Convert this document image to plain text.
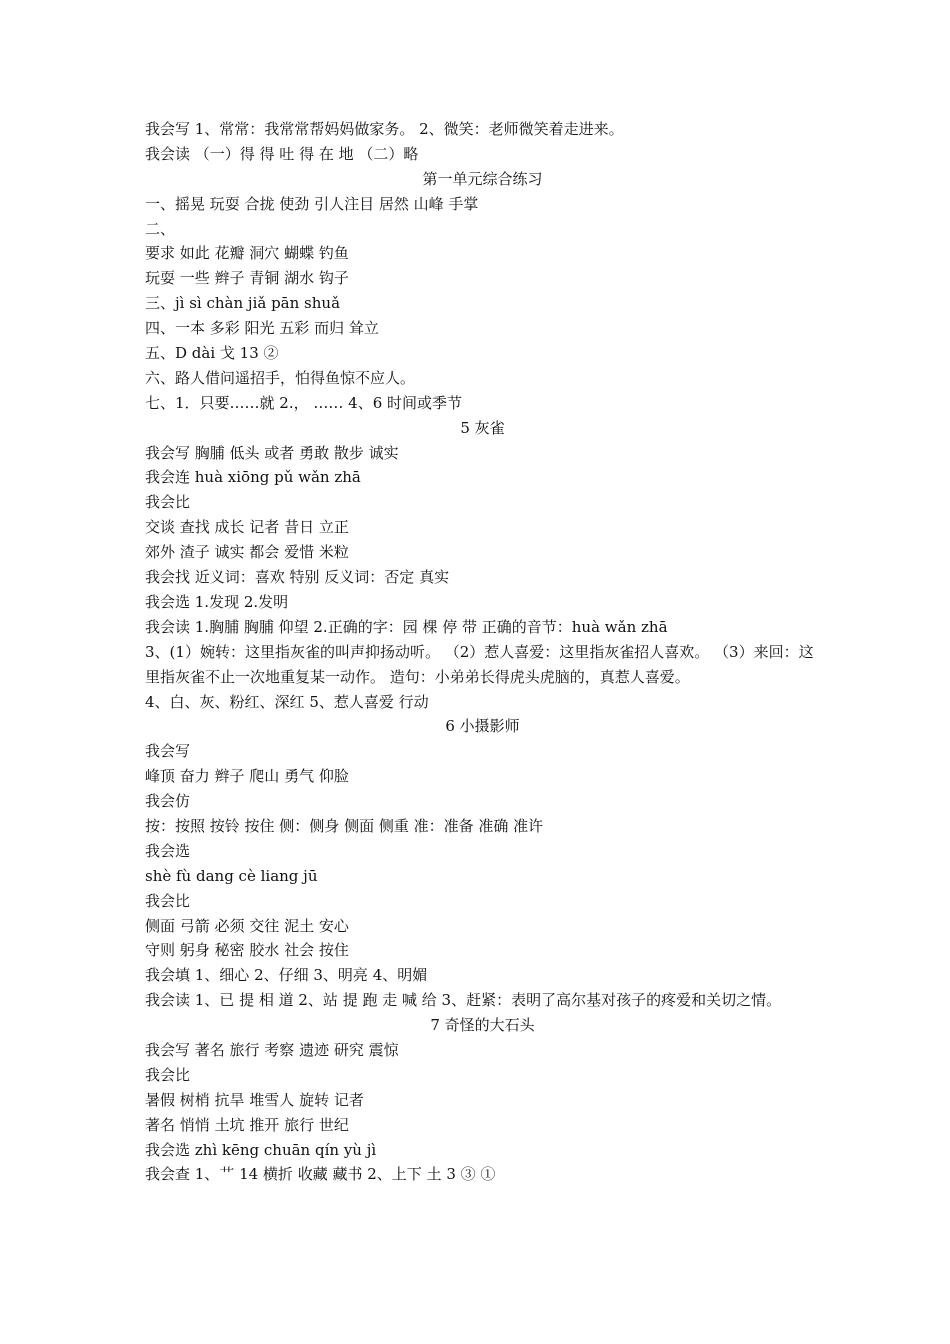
我会写 1、常常：我常常帮妈妈做家务。 2、微笑：老师微笑着走进来。
我会读 （一）得 得 吐 得 在 地 （二）略
第一单元综合练习
一、摇晃 玩耍 合拢 使劲 引人注目 居然 山峰 手掌
二、
要求 如此 花瓣 洞穴 蝴蝶 钓鱼
玩耍 一些 辫子 青铜 湖水 钩子
三、jì sì chàn jiǎ pān shuǎ
四、一本 多彩 阳光 五彩 而归 耸立
五、D dài 戈 13 ②
六、路人借问遥招手，怕得鱼惊不应人。
七、1．只要……就 2.， …… 4、6 时间或季节
5 灰雀
我会写 胸脯 低头 或者 勇敢 散步 诚实
我会连 huà xiōng pǔ wǎn zhā
我会比
交谈 查找 成长 记者 昔日 立正
郊外 渣子 诚实 都会 爱惜 米粒
我会找 近义词：喜欢 特别 反义词：否定 真实
我会选 1.发现 2.发明
我会读 1.胸脯 胸脯 仰望 2.正确的字：园 棵 停 带 正确的音节：huà wǎn zhā
3、(1）婉转：这里指灰雀的叫声抑扬动听。 （2）惹人喜爱：这里指灰雀招人喜欢。 （3）来回：这里指灰雀不止一次地重复某一动作。 造句：小弟弟长得虎头虎脑的，真惹人喜爱。
4、白、灰、粉红、深红 5、惹人喜爱 行动
6 小摄影师
我会写
峰顶 奋力 辫子 爬山 勇气 仰脸
我会仿
按：按照 按铃 按住 侧：侧身 侧面 侧重 准：准备 准确 准许
我会选
shè fù dang cè liang jū
我会比
侧面 弓箭 必须 交往 泥土 安心
守则 躬身 秘密 胶水 社会 按住
我会填 1、细心 2、仔细 3、明亮 4、明媚
我会读 1、已 提 相 道 2、站 提 跑 走 喊 给 3、赶紧：表明了高尔基对孩子的疼爱和关切之情。
7 奇怪的大石头
我会写 著名 旅行 考察 遗迹 研究 震惊
我会比
暑假 树梢 抗旱 堆雪人 旋转 记者
著名 悄悄 土坑 推开 旅行 世纪
我会选 zhì kēng chuān qín yù jì
我会查 1、艹 14 横折 收藏 藏书 2、上下 土 3 ③ ①
